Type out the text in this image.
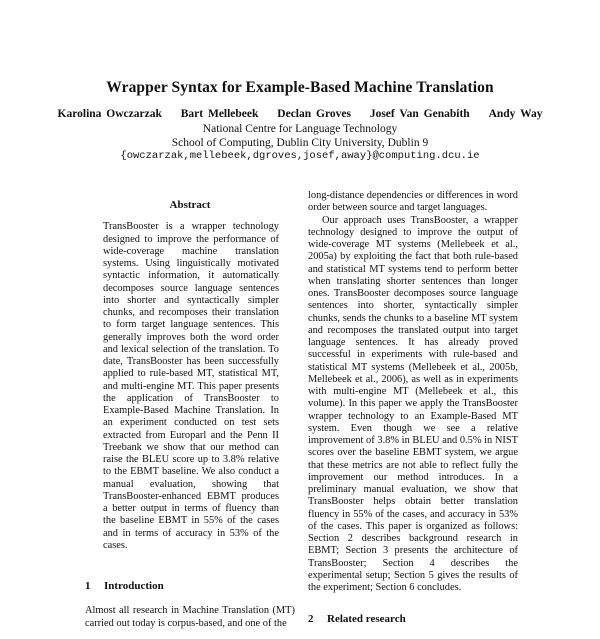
Wrapper Syntax for Example-Based Machine Translation
Karolina Owczarzak Bart Mellebeek Declan Groves Josef Van Genabith Andy Way
National Centre for Language Technology
School of Computing, Dublin City University, Dublin 9
{owczarzak,mellebeek,dgroves,josef,away}@computing.dcu.ie
Abstract
TransBooster is a wrapper technology designed to improve the performance of wide-coverage machine translation systems. Using linguistically motivated syntactic information, it automatically decomposes source language sentences into shorter and syntactically simpler chunks, and recomposes their translation to form target language sentences. This generally improves both the word order and lexical selection of the translation. To date, TransBooster has been successfully applied to rule-based MT, statistical MT, and multi-engine MT. This paper presents the application of TransBooster to Example-Based Machine Translation. In an experiment conducted on test sets extracted from Europarl and the Penn II Treebank we show that our method can raise the BLEU score up to 3.8% relative to the EBMT baseline. We also conduct a manual evaluation, showing that TransBooster-enhanced EBMT produces a better output in terms of fluency than the baseline EBMT in 55% of the cases and in terms of accuracy in 53% of the cases.
1 Introduction
Almost all research in Machine Translation (MT) carried out today is corpus-based, and one of the

long-distance dependencies or differences in word order between source and target languages.

Our approach uses TransBooster, a wrapper technology designed to improve the output of wide-coverage MT systems (Mellebeek et al., 2005a) by exploiting the fact that both rule-based and statistical MT systems tend to perform better when translating shorter sentences than longer ones. TransBooster decomposes source language sentences into shorter, syntactically simpler chunks, sends the chunks to a baseline MT system and recomposes the translated output into target language sentences. It has already proved successful in experiments with rule-based and statistical MT systems (Mellebeek et al., 2005b, Mellebeek et al., 2006), as well as in experiments with multi-engine MT (Mellebeek et al., this volume). In this paper we apply the TransBooster wrapper technology to an Example-Based MT system. Even though we see a relative improvement of 3.8% in BLEU and 0.5% in NIST scores over the baseline EBMT system, we argue that these metrics are not able to reflect fully the improvement our method introduces. In a preliminary manual evaluation, we show that TransBooster helps obtain better translation fluency in 55% of the cases, and accuracy in 53% of the cases. This paper is organized as follows: Section 2 describes background research in EBMT; Section 3 presents the architecture of TransBooster; Section 4 describes the experimental setup; Section 5 gives the results of the experiment; Section 6 concludes.

2 Related research
